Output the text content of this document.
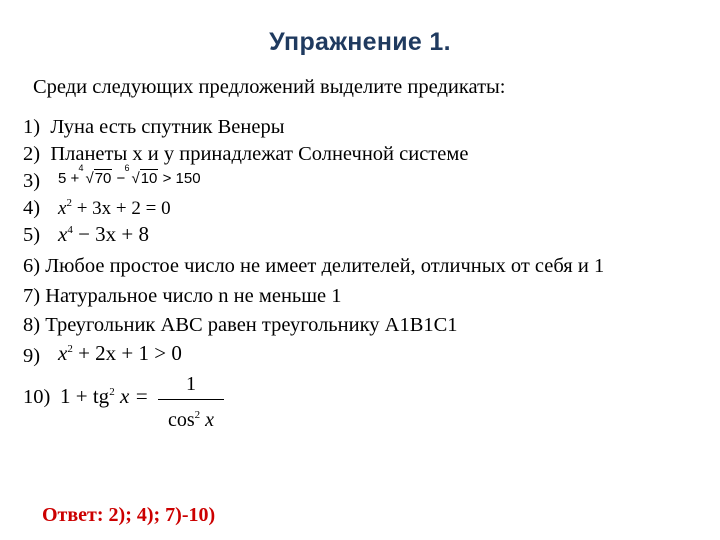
Упражнение 1.
Среди следующих предложений выделите предикаты:
1) Луна есть спутник Венеры
2) Планеты x и y принадлежат Солнечной системе
3) 5 +
4
√70 −
6
√10 > 150
4) $x^2 + 3x + 2 = 0$
5) $x^4 - 3x + 8$
6) Любое простое число не имеет делителей, отличных от себя и 1
7) Натуральное число n не меньше 1
8) Треугольник ABC равен треугольнику A1B1C1
9) $x^2 + 2x + 1 > 0$
10) $1 + tg^2$ x =	1
$\cos^2 x$
Ответ: 2); 4); 7)-10)
